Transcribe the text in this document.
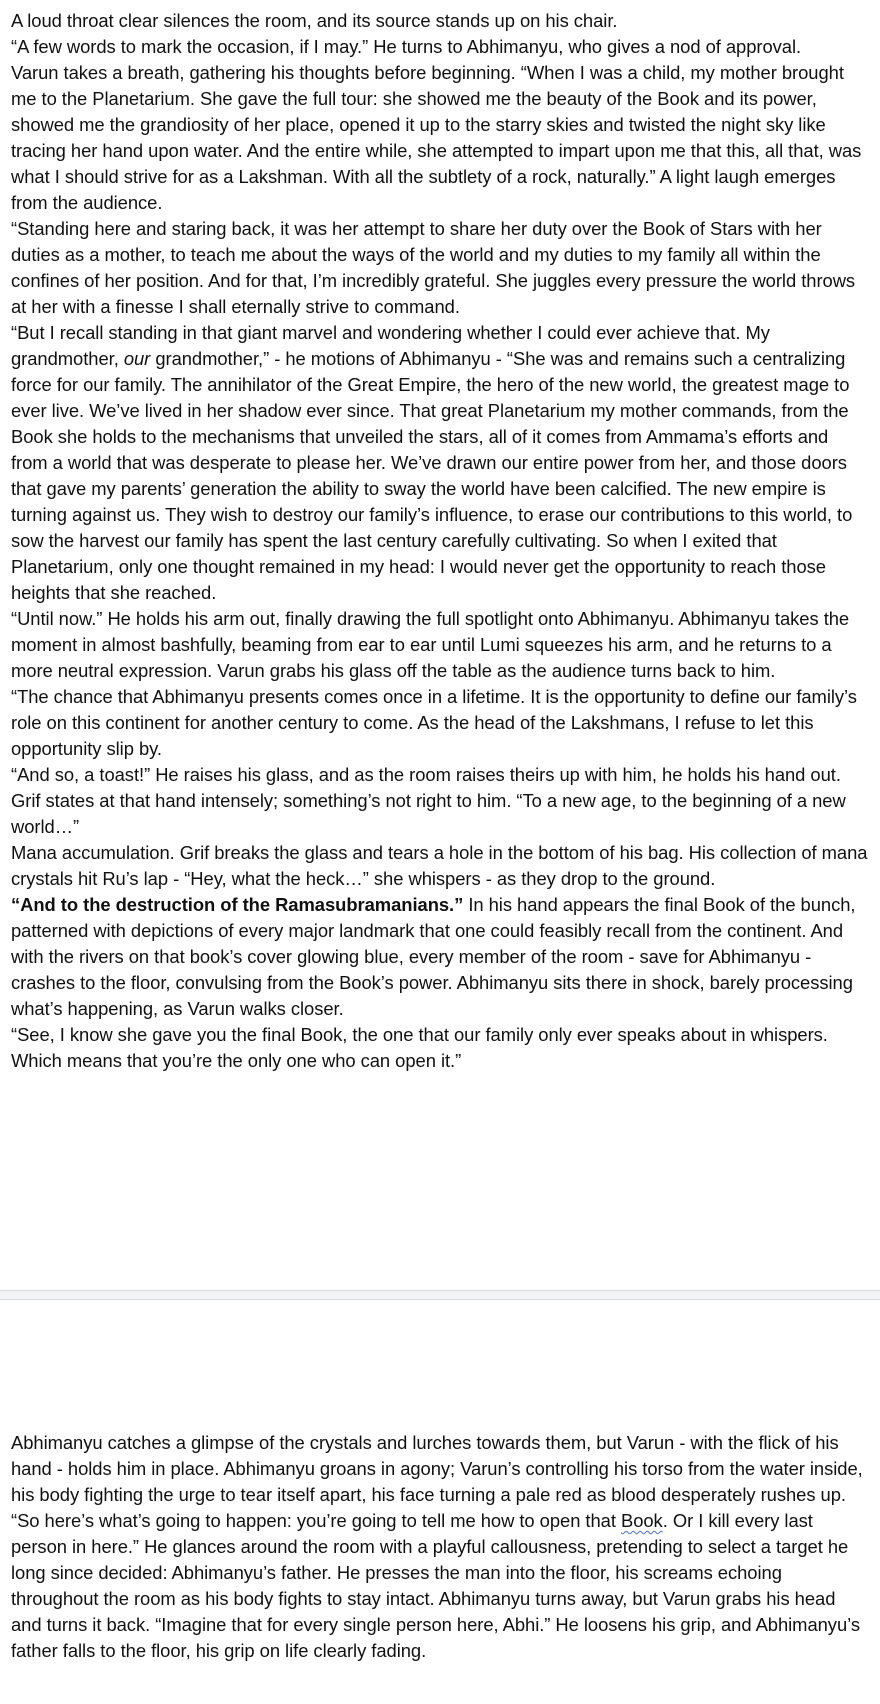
A loud throat clear silences the room, and its source stands up on his chair.

“A few words to mark the occasion, if I may.” He turns to Abhimanyu, who gives a nod of approval.

Varun takes a breath, gathering his thoughts before beginning. “When I was a child, my mother brought me to the Planetarium. She gave the full tour: she showed me the beauty of the Book and its power, showed me the grandiosity of her place, opened it up to the starry skies and twisted the night sky like tracing her hand upon water. And the entire while, she attempted to impart upon me that this, all that, was what I should strive for as a Lakshman. With all the subtlety of a rock, naturally.” A light laugh emerges from the audience.

“Standing here and staring back, it was her attempt to share her duty over the Book of Stars with her duties as a mother, to teach me about the ways of the world and my duties to my family all within the confines of her position. And for that, I’m incredibly grateful. She juggles every pressure the world throws at her with a finesse I shall eternally strive to command.

“But I recall standing in that giant marvel and wondering whether I could ever achieve that. My grandmother, our grandmother,” - he motions of Abhimanyu - “She was and remains such a centralizing force for our family. The annihilator of the Great Empire, the hero of the new world, the greatest mage to ever live. We’ve lived in her shadow ever since. That great Planetarium my mother commands, from the Book she holds to the mechanisms that unveiled the stars, all of it comes from Ammama’s efforts and from a world that was desperate to please her. We’ve drawn our entire power from her, and those doors that gave my parents’ generation the ability to sway the world have been calcified. The new empire is turning against us. They wish to destroy our family’s influence, to erase our contributions to this world, to sow the harvest our family has spent the last century carefully cultivating. So when I exited that Planetarium, only one thought remained in my head: I would never get the opportunity to reach those heights that she reached.

“Until now.” He holds his arm out, finally drawing the full spotlight onto Abhimanyu. Abhimanyu takes the moment in almost bashfully, beaming from ear to ear until Lumi squeezes his arm, and he returns to a more neutral expression. Varun grabs his glass off the table as the audience turns back to him.

“The chance that Abhimanyu presents comes once in a lifetime. It is the opportunity to define our family’s role on this continent for another century to come. As the head of the Lakshmans, I refuse to let this opportunity slip by.

“And so, a toast!” He raises his glass, and as the room raises theirs up with him, he holds his hand out. Grif states at that hand intensely; something’s not right to him. “To a new age, to the beginning of a new world…”

Mana accumulation. Grif breaks the glass and tears a hole in the bottom of his bag. His collection of mana crystals hit Ru’s lap - “Hey, what the heck…” she whispers - as they drop to the ground.

“And to the destruction of the Ramasubramanians.” In his hand appears the final Book of the bunch, patterned with depictions of every major landmark that one could feasibly recall from the continent. And with the rivers on that book’s cover glowing blue, every member of the room - save for Abhimanyu - crashes to the floor, convulsing from the Book’s power. Abhimanyu sits there in shock, barely processing what’s happening, as Varun walks closer.

“See, I know she gave you the final Book, the one that our family only ever speaks about in whispers. Which means that you’re the only one who can open it.”

Abhimanyu catches a glimpse of the crystals and lurches towards them, but Varun - with the flick of his hand - holds him in place. Abhimanyu groans in agony; Varun’s controlling his torso from the water inside, his body fighting the urge to tear itself apart, his face turning a pale red as blood desperately rushes up.

“So here’s what’s going to happen: you’re going to tell me how to open that Book. Or I kill every last person in here.” He glances around the room with a playful callousness, pretending to select a target he long since decided: Abhimanyu’s father. He presses the man into the floor, his screams echoing throughout the room as his body fights to stay intact. Abhimanyu turns away, but Varun grabs his head and turns it back. “Imagine that for every single person here, Abhi.” He loosens his grip, and Abhimanyu’s father falls to the floor, his grip on life clearly fading.
